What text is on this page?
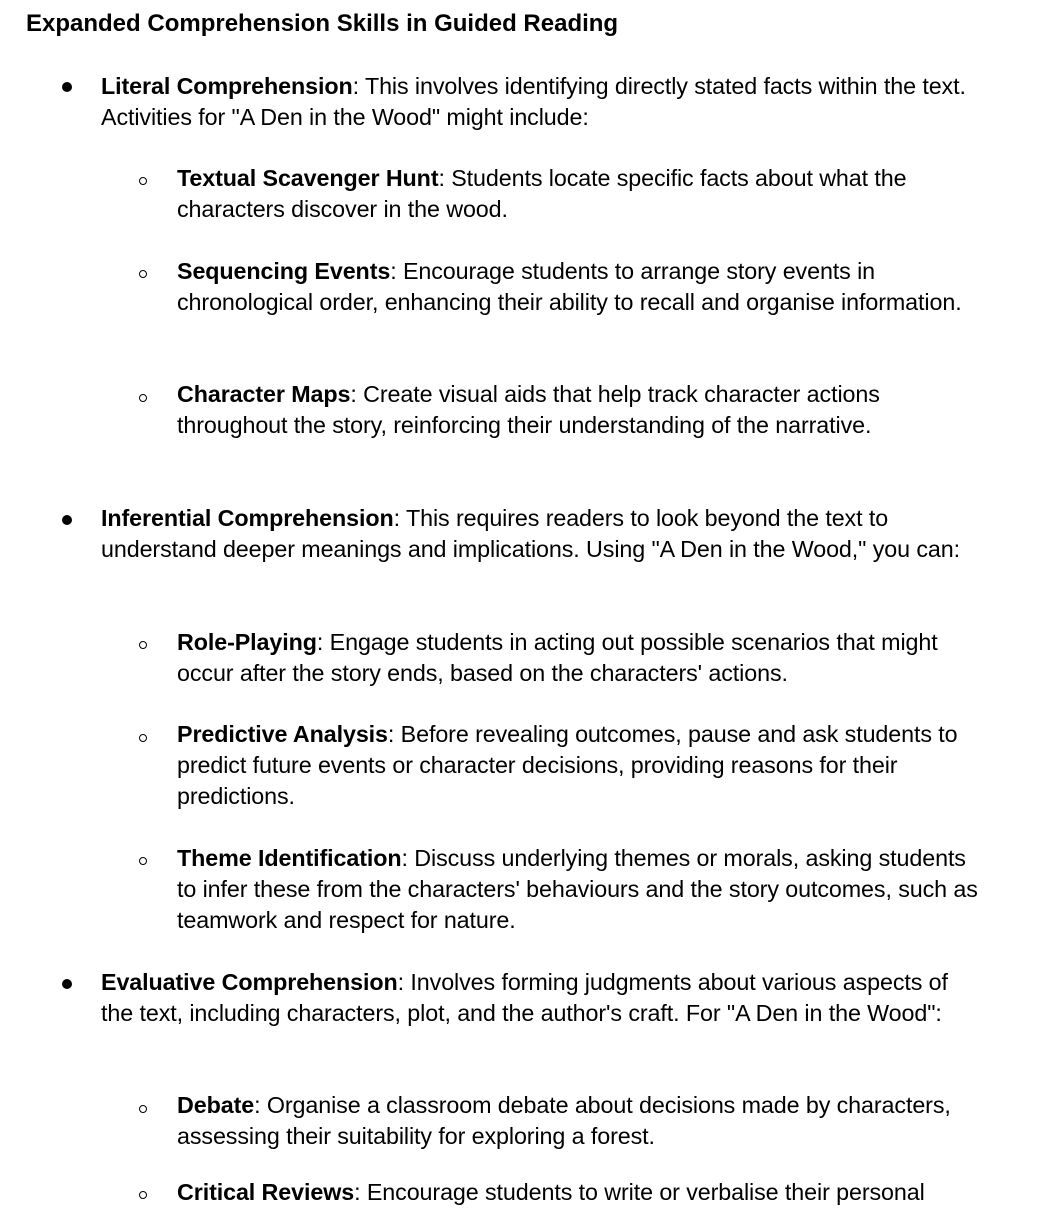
Expanded Comprehension Skills in Guided Reading

Literal Comprehension: This involves identifying directly stated facts within the text. Activities for "A Den in the Wood" might include:

Textual Scavenger Hunt: Students locate specific facts about what the characters discover in the wood.

Sequencing Events: Encourage students to arrange story events in chronological order, enhancing their ability to recall and organise information.

Character Maps: Create visual aids that help track character actions throughout the story, reinforcing their understanding of the narrative.

Inferential Comprehension: This requires readers to look beyond the text to understand deeper meanings and implications. Using "A Den in the Wood," you can:

Role-Playing: Engage students in acting out possible scenarios that might occur after the story ends, based on the characters' actions.

Predictive Analysis: Before revealing outcomes, pause and ask students to predict future events or character decisions, providing reasons for their predictions.

Theme Identification: Discuss underlying themes or morals, asking students to infer these from the characters' behaviours and the story outcomes, such as teamwork and respect for nature.

Evaluative Comprehension: Involves forming judgments about various aspects of the text, including characters, plot, and the author's craft. For "A Den in the Wood":

Debate: Organise a classroom debate about decisions made by characters, assessing their suitability for exploring a forest.

Critical Reviews: Encourage students to write or verbalise their personal
